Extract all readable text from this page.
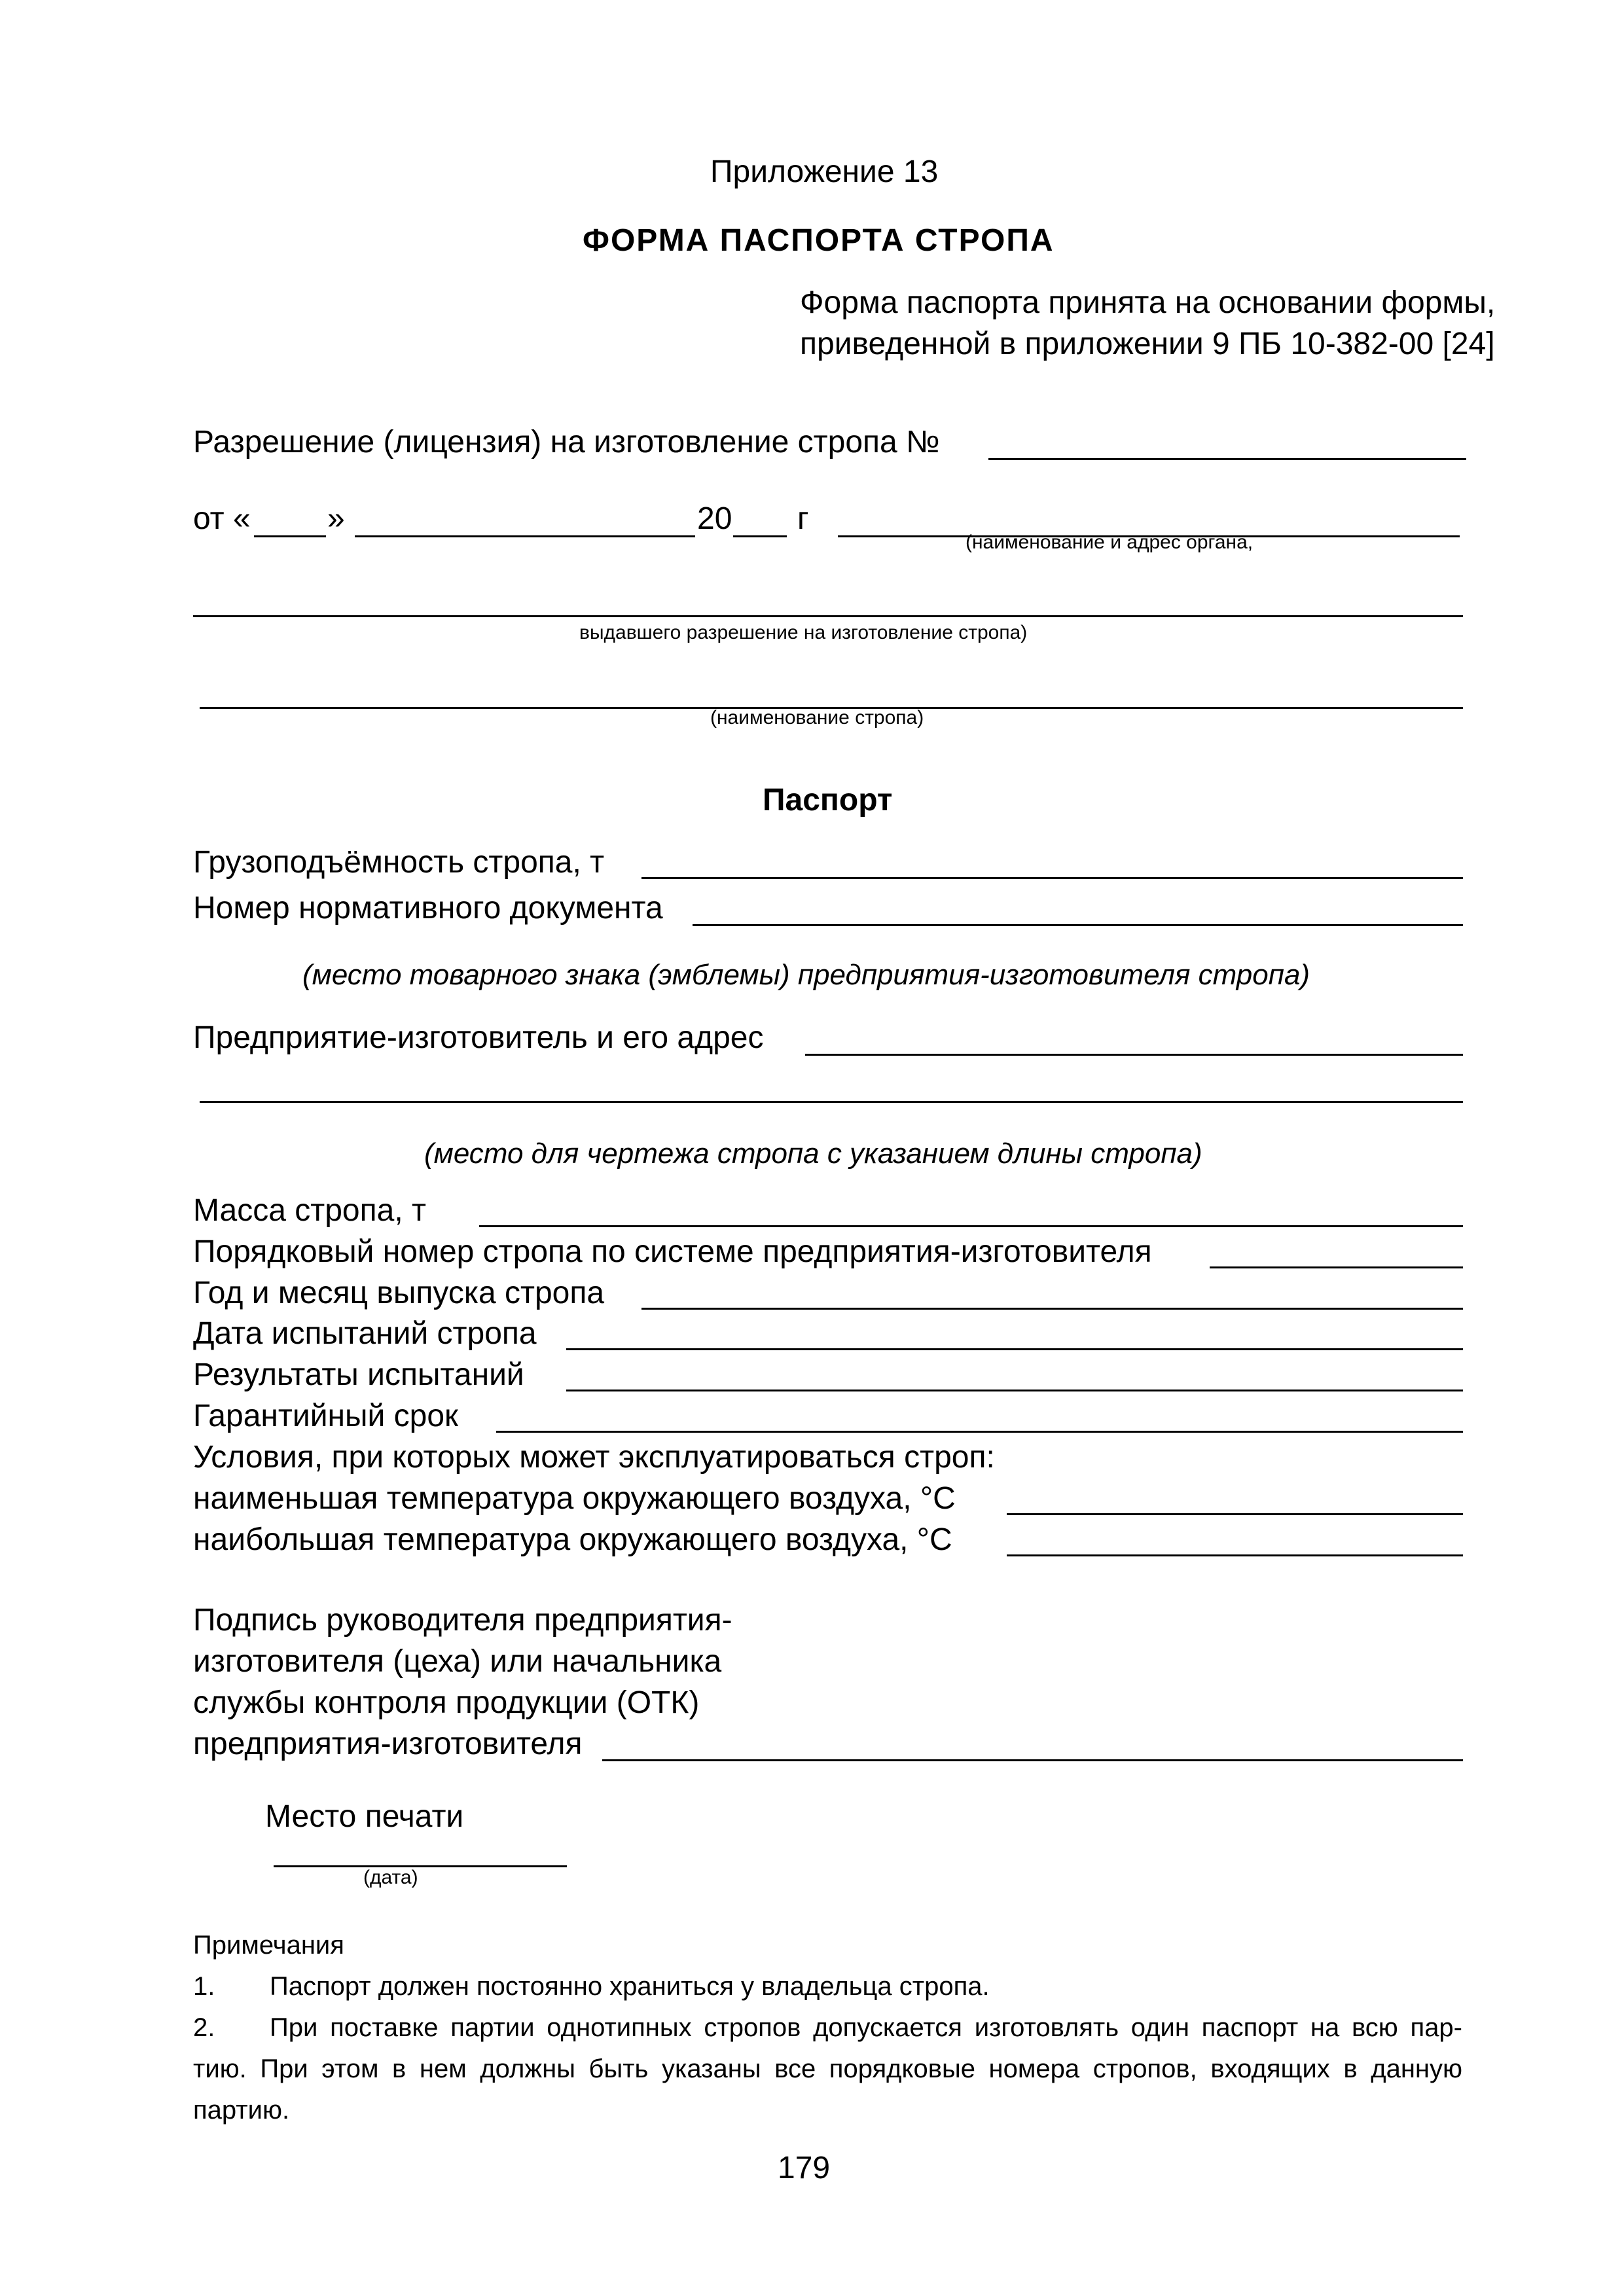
Приложение 13
ФОРМА ПАСПОРТА СТРОПА
Форма паспорта принята на основании формы,
приведенной в приложении 9 ПБ 10-382-00 [24]
Разрешение (лицензия) на изготовление стропа №
от « »	20 г
(наименование и адрес органа,
выдавшего разрешение на изготовление стропа)
(наименование стропа)
Паспорт
Грузоподъёмность стропа, т
Номер нормативного документа
(место товарного знака (эмблемы) предприятия-изготовителя стропа)
Предприятие-изготовитель и его адрес
(место для чертежа стропа с указанием длины стропа)
Масса стропа, т
Порядковый номер стропа по системе предприятия-изготовителя
Год и месяц выпуска стропа
Дата испытаний стропа
Результаты испытаний
Гарантийный срок
Условия, при которых может эксплуатироваться строп:
наименьшая температура окружающего воздуха, °С
наибольшая температура окружающего воздуха, °С
Подпись руководителя предприятия-
изготовителя (цеха) или начальника
службы контроля продукции (ОТК)
предприятия-изготовителя
Место печати
(дата)
Примечания
1. Паспорт должен постоянно храниться у владельца стропа.
2. При поставке партии однотипных стропов допускается изготовлять один паспорт на всю пар-
тию. При этом в нем должны быть указаны все порядковые номера стропов, входящих в данную
партию.
179
